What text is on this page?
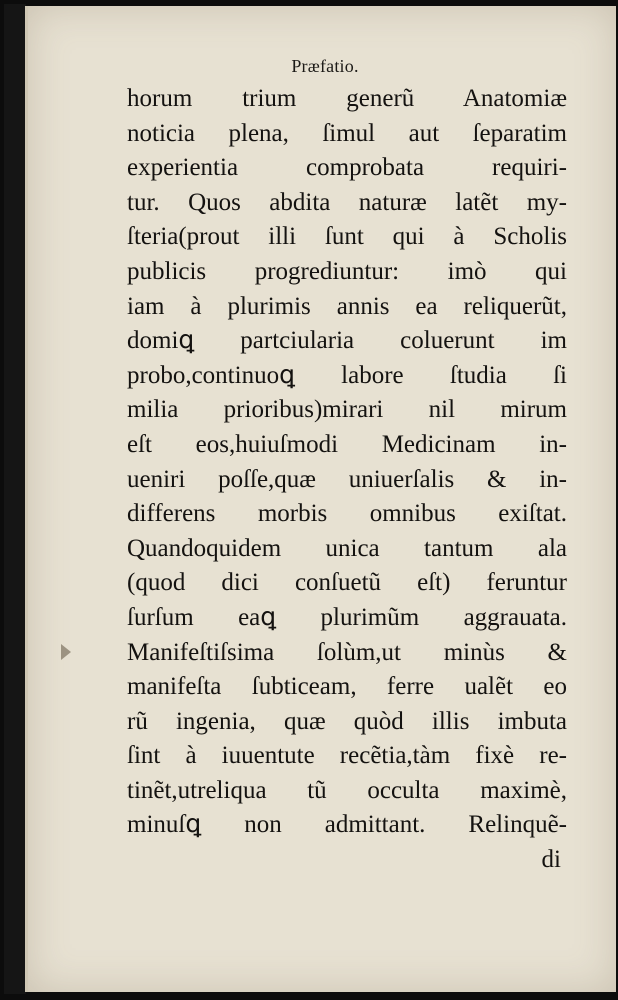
Præfatio.
horum trium generũ Anatomiæ
noticia plena, ſimul aut ſeparatim
experientia comprobata requiri-
tur. Quos abdita naturæ latẽt my-
ſteria(prout illi ſunt qui à Scholis
publicis progrediuntur: imò qui
iam à plurimis annis ea reliquerũt,
domiꝗ partciularia coluerunt im
probo,continuoꝗ labore ſtudia ſi
milia prioribus)mirari nil mirum
eſt eos,huiuſmodi Medicinam in-
ueniri poſſe,quæ uniuerſalis & in-
differens morbis omnibus exiſtat.
Quandoquidem unica tantum ala
(quod dici conſuetũ eſt) feruntur
ſurſum eaꝗ plurimũm aggrauata.
Manifeſtiſsima ſolùm,ut minùs &
manifeſta ſubticeam, ferre ualẽt eo
rũ ingenia, quæ quòd illis imbuta
ſint à iuuentute recẽtia,tàm fixè re-
tinẽt,utreliqua tũ occulta maximè,
minuſꝗ non admittant. Relinquẽ-
di
